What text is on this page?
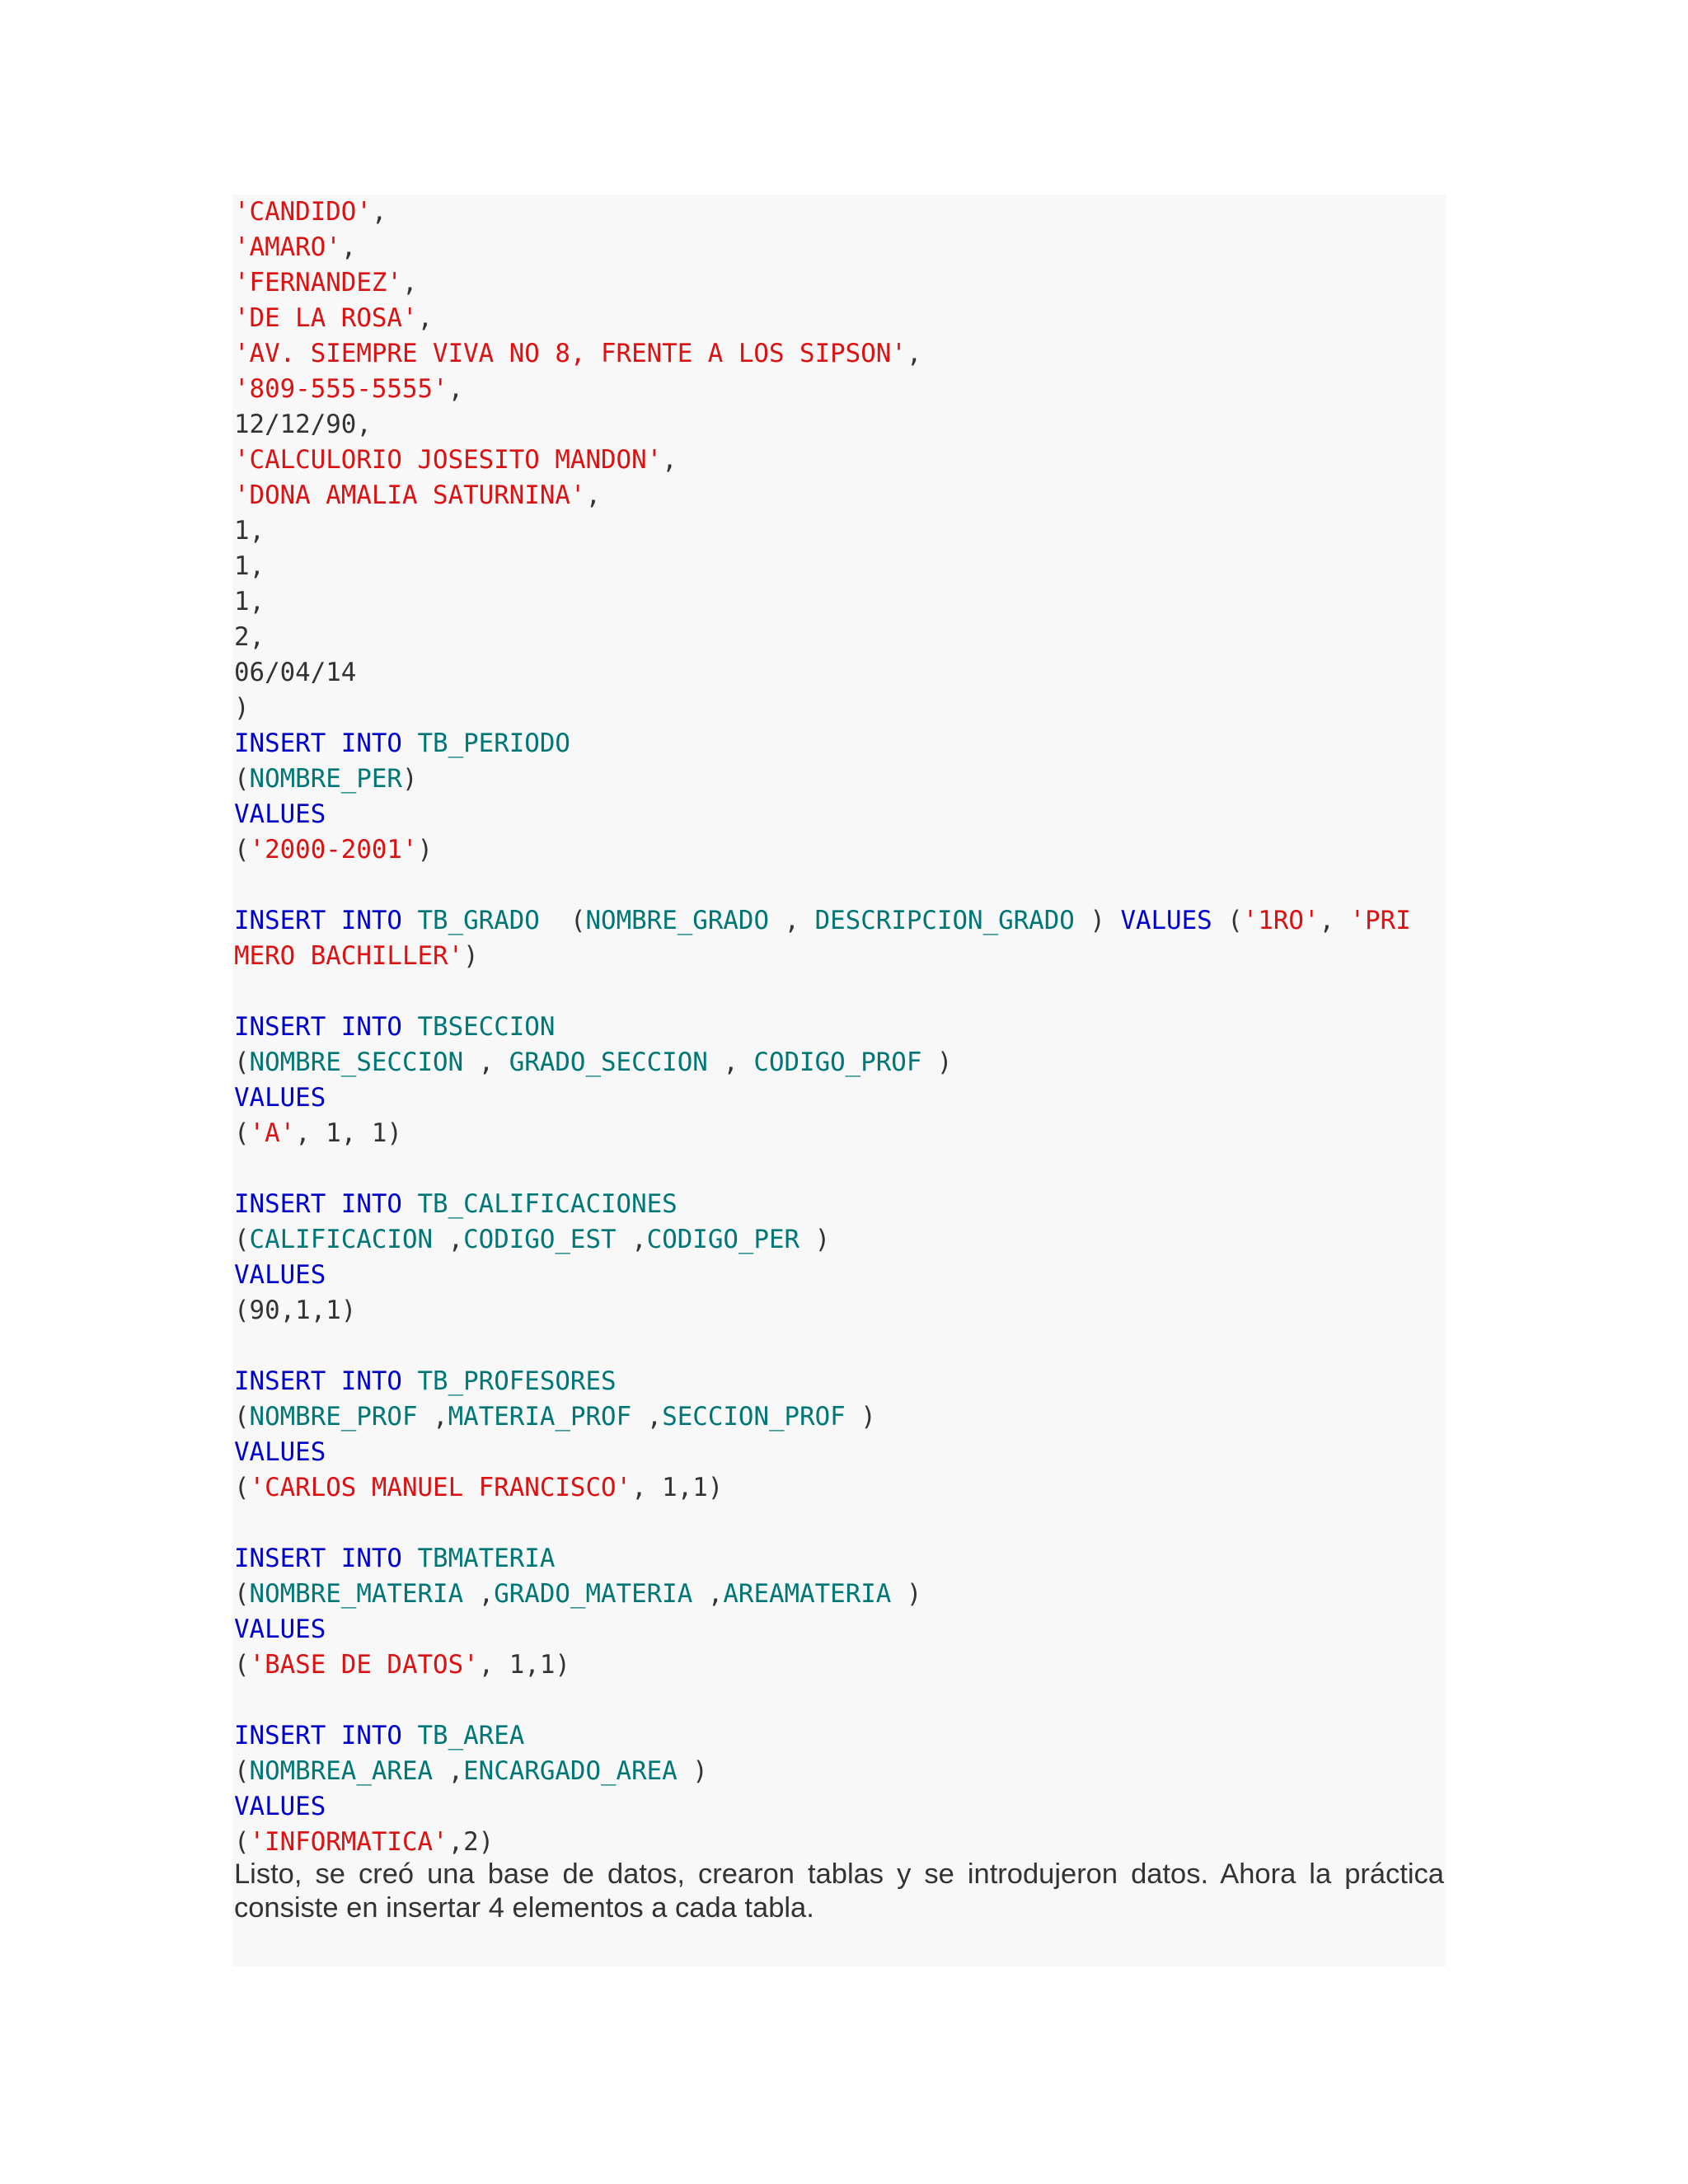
'CANDIDO',
'AMARO',
'FERNANDEZ',
'DE LA ROSA',
'AV. SIEMPRE VIVA NO 8, FRENTE A LOS SIPSON',
'809-555-5555',
12/12/90,
'CALCULORIO JOSESITO MANDON',
'DONA AMALIA SATURNINA',
1,
1,
1,
2,
06/04/14
)
INSERT INTO TB_PERIODO
(NOMBRE_PER)
VALUES
('2000-2001')
INSERT INTO TB_GRADO  (NOMBRE_GRADO , DESCRIPCION_GRADO ) VALUES ('1RO', 'PRI
MERO BACHILLER')
INSERT INTO TBSECCION
(NOMBRE_SECCION , GRADO_SECCION , CODIGO_PROF )
VALUES
('A', 1, 1)
INSERT INTO TB_CALIFICACIONES
(CALIFICACION ,CODIGO_EST ,CODIGO_PER )
VALUES
(90,1,1)
INSERT INTO TB_PROFESORES
(NOMBRE_PROF ,MATERIA_PROF ,SECCION_PROF )
VALUES
('CARLOS MANUEL FRANCISCO', 1,1)
INSERT INTO TBMATERIA
(NOMBRE_MATERIA ,GRADO_MATERIA ,AREAMATERIA )
VALUES
('BASE DE DATOS', 1,1)
INSERT INTO TB_AREA
(NOMBREA_AREA ,ENCARGADO_AREA )
VALUES
('INFORMATICA',2)
Listo, se creó una base de datos, crearon tablas y se introdujeron datos. Ahora la práctica consiste en insertar 4 elementos a cada tabla.
